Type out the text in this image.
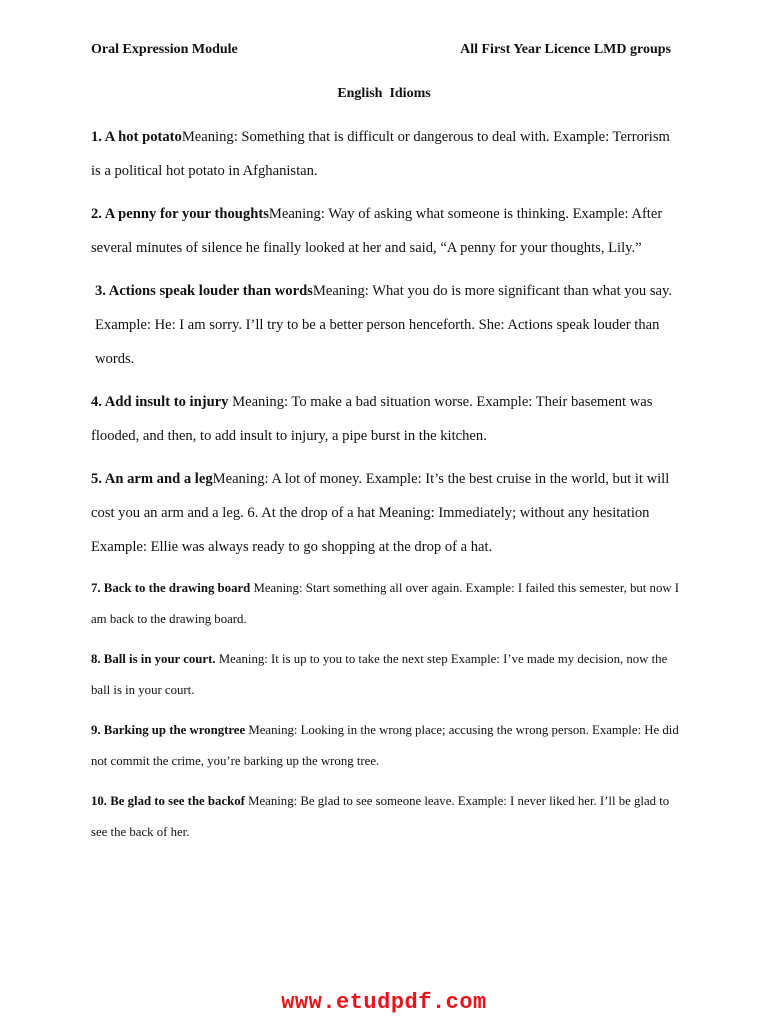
Oral Expression Module	All First Year Licence LMD groups
English  Idioms

1. A hot potatoMeaning: Something that is difficult or dangerous to deal with. Example: Terrorism is a political hot potato in Afghanistan.

2. A penny for your thoughtsMeaning: Way of asking what someone is thinking. Example: After several minutes of silence he finally looked at her and said, “A penny for your thoughts, Lily.”

3. Actions speak louder than wordsMeaning: What you do is more significant than what you say. Example: He: I am sorry. I’ll try to be a better person henceforth. She: Actions speak louder than words.

4. Add insult to injury Meaning: To make a bad situation worse. Example: Their basement was flooded, and then, to add insult to injury, a pipe burst in the kitchen.

5. An arm and a legMeaning: A lot of money. Example: It’s the best cruise in the world, but it will cost you an arm and a leg. 6. At the drop of a hat Meaning: Immediately; without any hesitation Example: Ellie was always ready to go shopping at the drop of a hat.

7. Back to the drawing board Meaning: Start something all over again. Example: I failed this semester, but now I am back to the drawing board.

8. Ball is in your court. Meaning: It is up to you to take the next step Example: I’ve made my decision, now the ball is in your court.

9. Barking up the wrongtree Meaning: Looking in the wrong place; accusing the wrong person. Example: He did not commit the crime, you’re barking up the wrong tree.

10. Be glad to see the backof Meaning: Be glad to see someone leave. Example: I never liked her. I’ll be glad to see the back of her.

www.etudpdf.com
